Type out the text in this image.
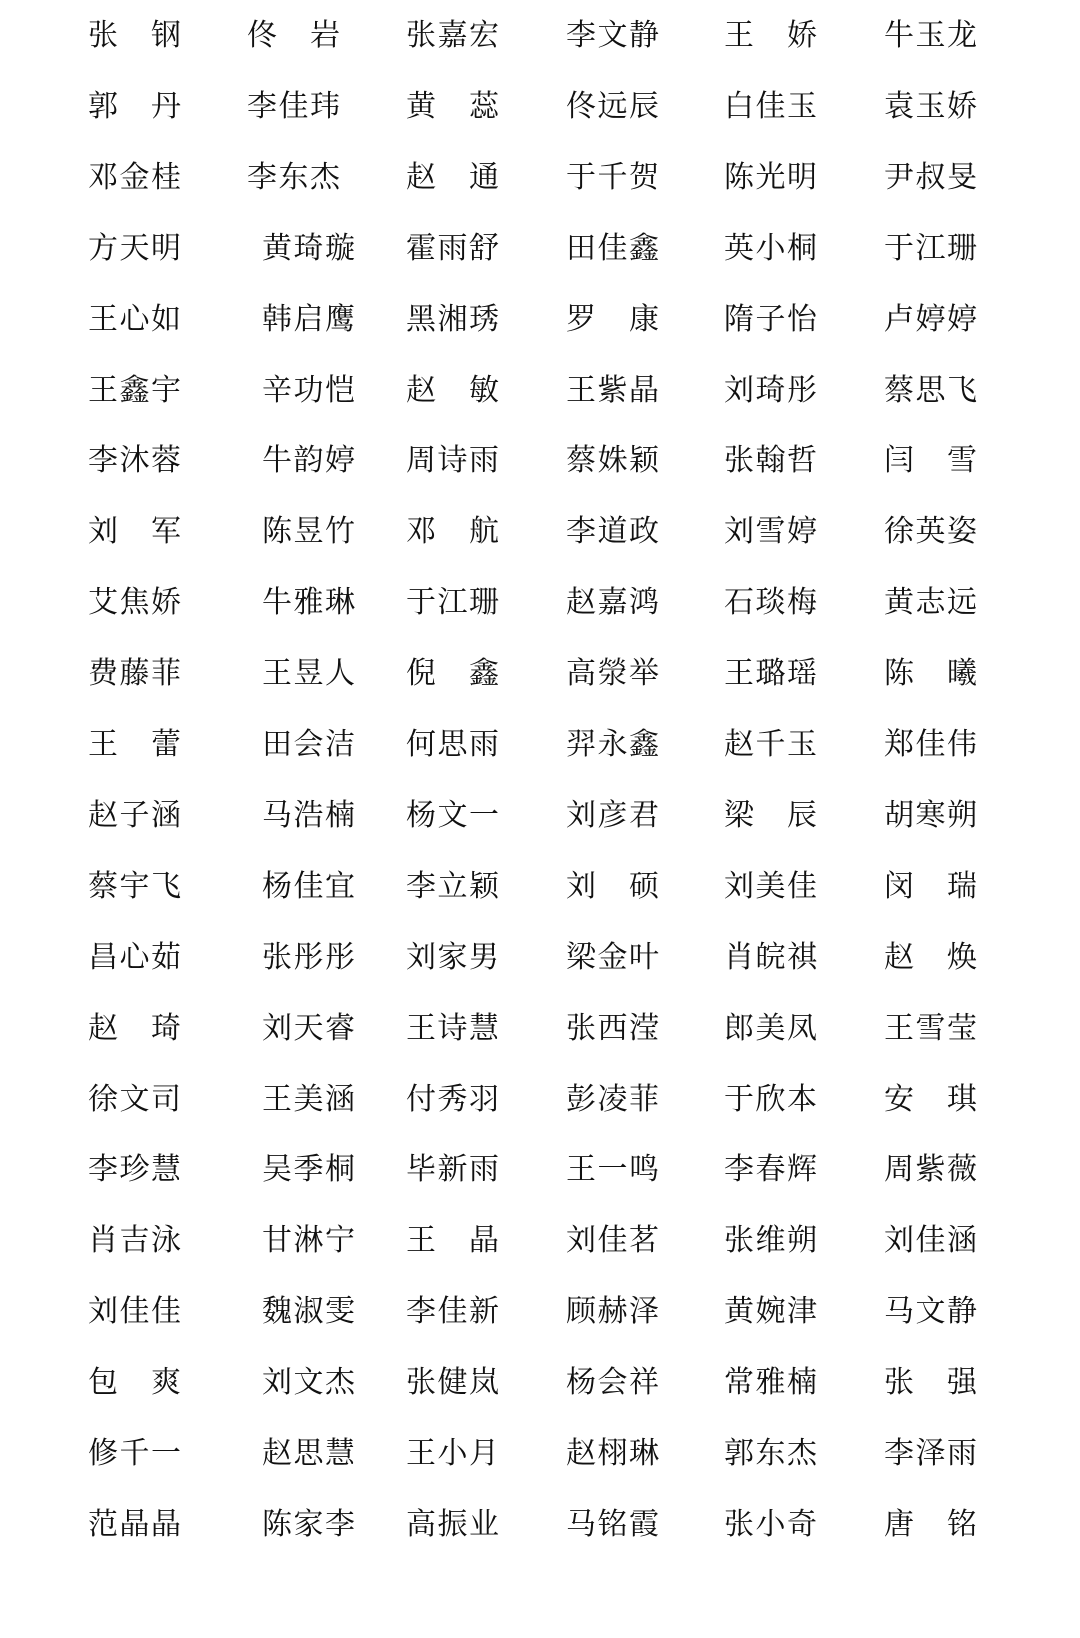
张 钢 佟 岩 张嘉宏 李文静 王 娇 牛玉龙
郭 丹 李佳玮 黄 蕊 佟远辰 白佳玉 袁玉娇
邓金桂 李东杰 赵 通 于千贺 陈光明 尹叔旻
方天明	黄琦璇 霍雨舒 田佳鑫 英小桐 于江珊
王心如	韩启鹰 黑湘琇 罗 康 隋子怡 卢婷婷
王鑫宇	辛功恺 赵 敏 王紫晶 刘琦彤 蔡思飞
李沐蓉	牛韵婷 周诗雨 蔡姝颖 张翰哲 闫 雪
刘 军	陈昱竹 邓 航 李道政 刘雪婷 徐英姿
艾焦娇	牛雅琳 于江珊 赵嘉鸿 石琰梅 黄志远
费藤菲	王昱人 倪 鑫 高滎举 王璐瑶 陈 曦
王 蕾	田会洁 何思雨 羿永鑫 赵千玉 郑佳伟
赵子涵	马浩楠 杨文一 刘彦君 梁 辰 胡寒朔
蔡宇飞	杨佳宜 李立颖 刘 硕 刘美佳 闵 瑞
昌心茹	张彤彤 刘家男 梁金叶 肖皖祺 赵 焕
赵 琦	刘天睿 王诗慧 张西滢 郎美凤 王雪莹
徐文司	王美涵 付秀羽 彭凌菲 于欣本 安 琪
李珍慧	吴季桐 毕新雨 王一鸣 李春辉 周紫薇
肖吉泳	甘淋宁 王 晶 刘佳茗 张维朔 刘佳涵
刘佳佳	魏淑雯 李佳新 顾赫泽 黄婉津 马文静
包 爽	刘文杰 张健岚 杨会祥 常雅楠 张 强
修千一	赵思慧 王小月 赵栩琳 郭东杰 李泽雨
范晶晶	陈家李 高振业 马铭霞 张小奇 唐 铭
